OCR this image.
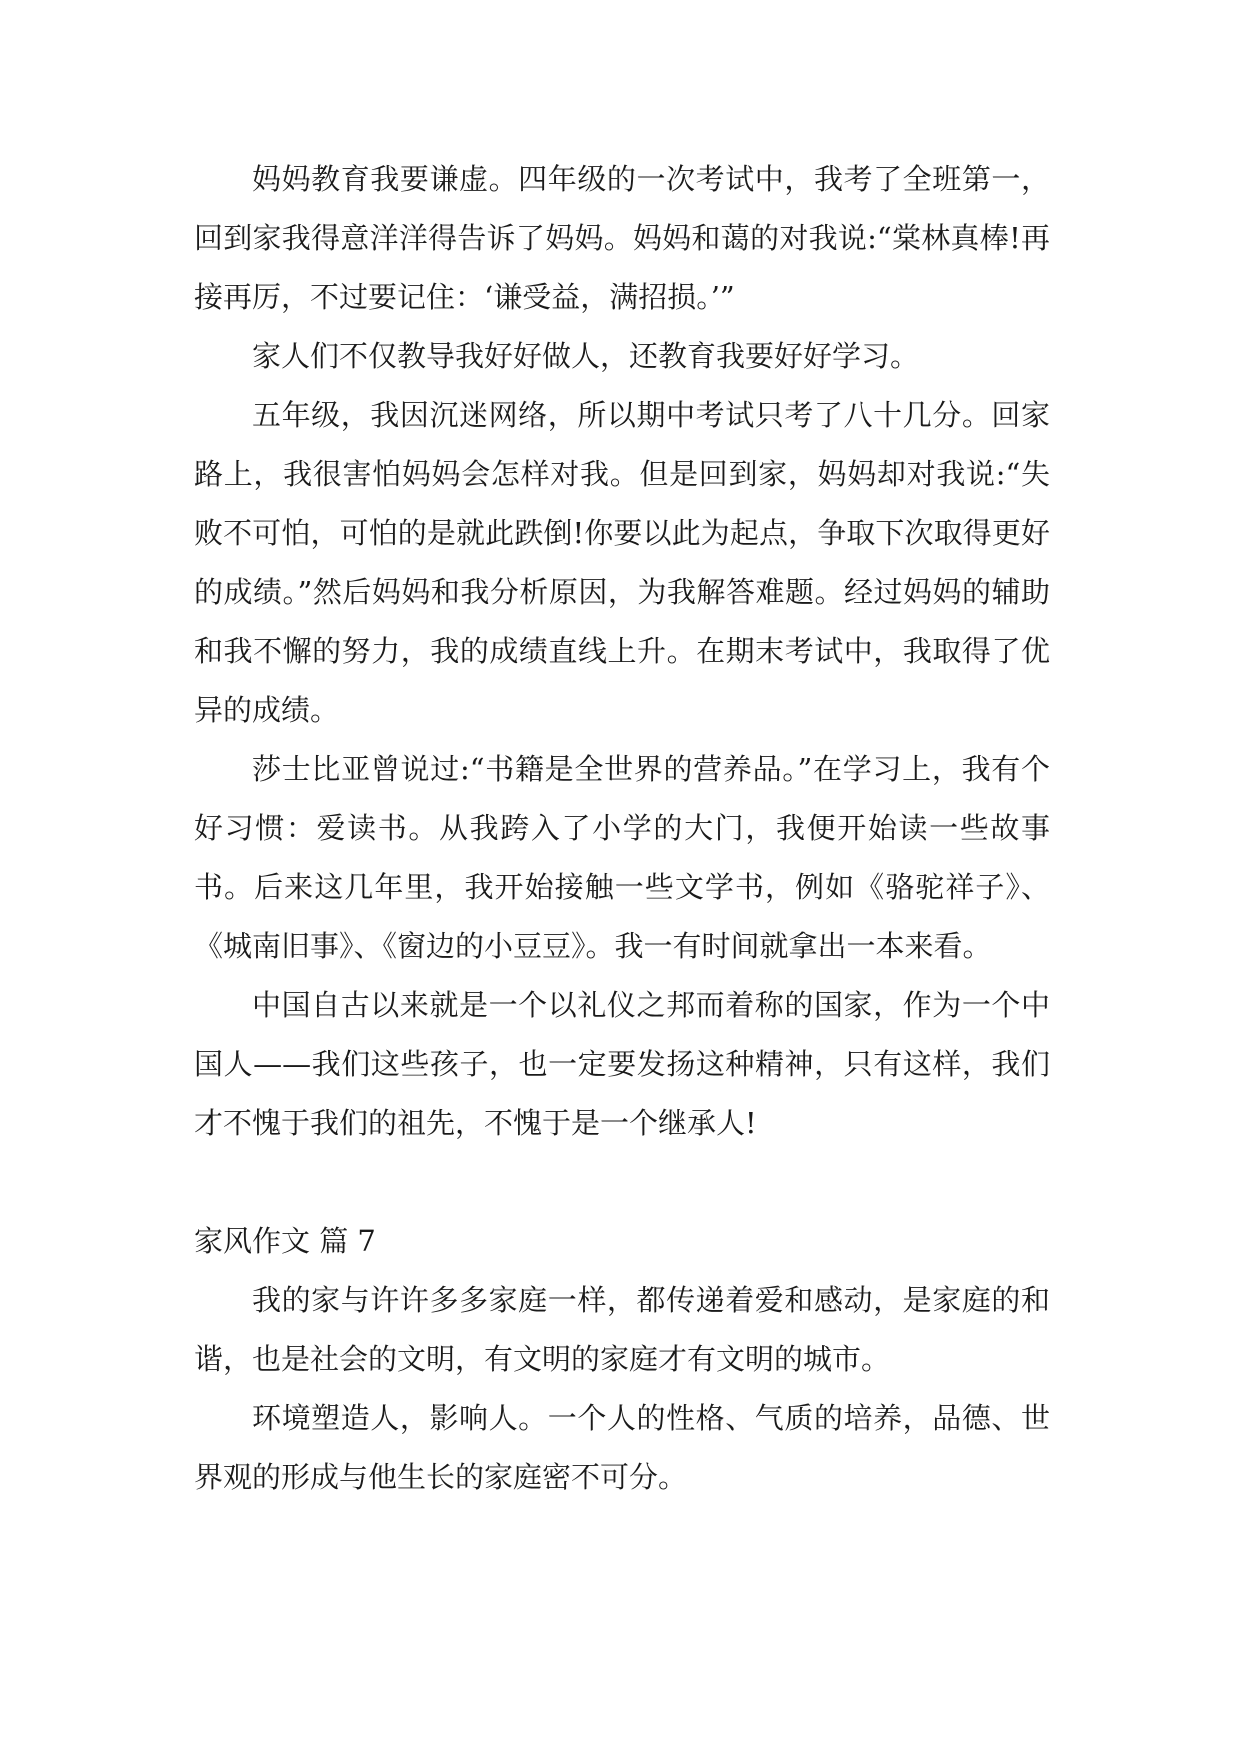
妈妈教育我要谦虚。四年级的一次考试中，我考了全班第一，回到家我得意洋洋得告诉了妈妈。妈妈和蔼的对我说:“棠林真棒!再接再厉，不过要记住：‘谦受益，满招损。’”

家人们不仅教导我好好做人，还教育我要好好学习。

五年级，我因沉迷网络，所以期中考试只考了八十几分。回家路上，我很害怕妈妈会怎样对我。但是回到家，妈妈却对我说:“失败不可怕，可怕的是就此跌倒!你要以此为起点，争取下次取得更好的成绩。”然后妈妈和我分析原因，为我解答难题。经过妈妈的辅助和我不懈的努力，我的成绩直线上升。在期末考试中，我取得了优异的成绩。

莎士比亚曾说过:“书籍是全世界的营养品。”在学习上，我有个好习惯：爱读书。从我跨入了小学的大门，我便开始读一些故事书。后来这几年里，我开始接触一些文学书，例如《骆驼祥子》、《城南旧事》、《窗边的小豆豆》。我一有时间就拿出一本来看。

中国自古以来就是一个以礼仪之邦而着称的国家，作为一个中国人——我们这些孩子，也一定要发扬这种精神，只有这样，我们才不愧于我们的祖先，不愧于是一个继承人!

家风作文 篇 7

我的家与许许多多家庭一样，都传递着爱和感动，是家庭的和谐，也是社会的文明，有文明的家庭才有文明的城市。

环境塑造人，影响人。一个人的性格、气质的培养，品德、世界观的形成与他生长的家庭密不可分。
